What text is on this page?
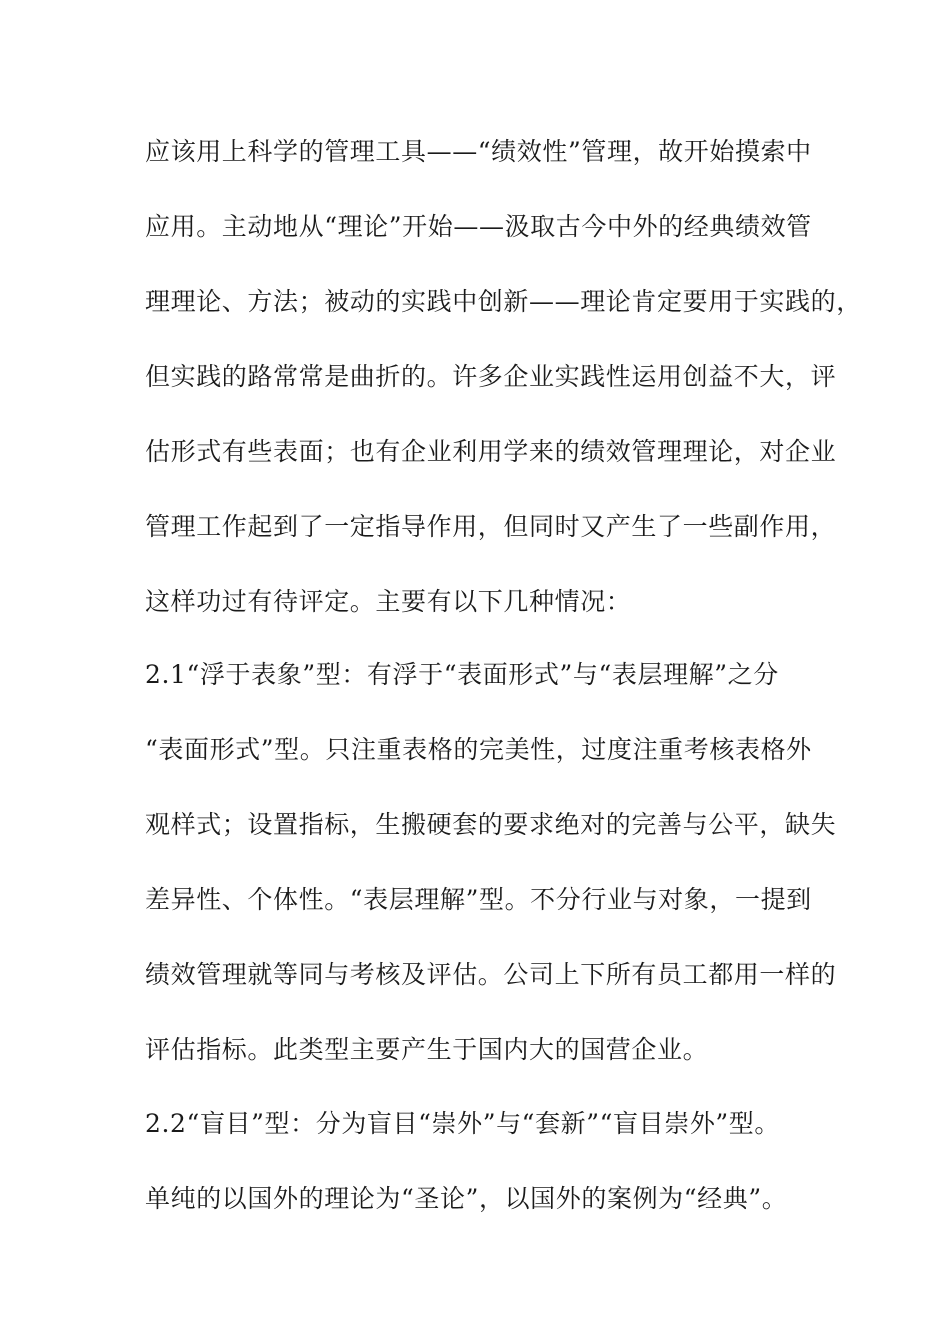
应该用上科学的管理工具——“绩效性”管理，故开始摸索中
应用。主动地从“理论”开始——汲取古今中外的经典绩效管
理理论、方法；被动的实践中创新——理论肯定要用于实践的，
但实践的路常常是曲折的。许多企业实践性运用创益不大，评
估形式有些表面；也有企业利用学来的绩效管理理论，对企业
管理工作起到了一定指导作用，但同时又产生了一些副作用，
这样功过有待评定。主要有以下几种情况：
2.1“浮于表象”型：有浮于“表面形式”与“表层理解”之分
“表面形式”型。只注重表格的完美性，过度注重考核表格外
观样式；设置指标，生搬硬套的要求绝对的完善与公平，缺失
差异性、个体性。“表层理解”型。不分行业与对象，一提到
绩效管理就等同与考核及评估。公司上下所有员工都用一样的
评估指标。此类型主要产生于国内大的国营企业。
2.2“盲目”型：分为盲目“崇外”与“套新”“盲目崇外”型。
单纯的以国外的理论为“圣论”，以国外的案例为“经典”。
